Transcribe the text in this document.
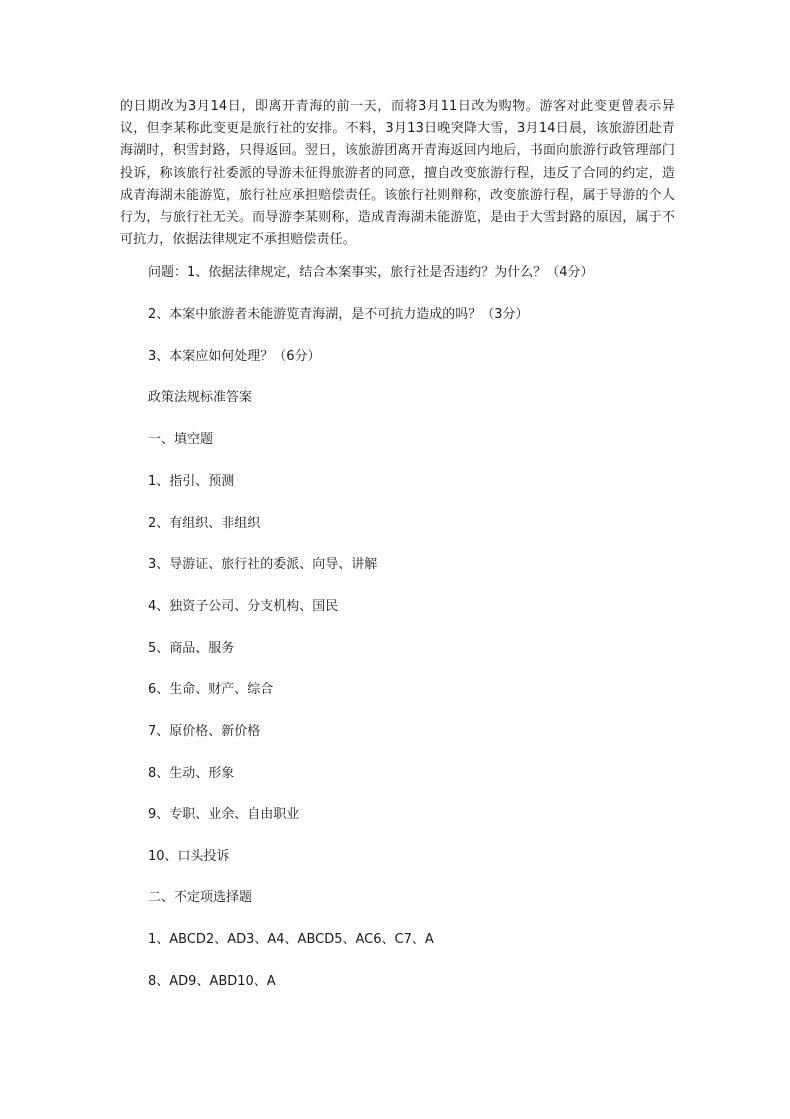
的日期改为3月14日，即离开青海的前一天，而将3月11日改为购物。游客对此变更曾表示异议，但李某称此变更是旅行社的安排。不料，3月13日晚突降大雪，3月14日晨，该旅游团赴青海湖时，积雪封路，只得返回。翌日，该旅游团离开青海返回内地后，书面向旅游行政管理部门投诉，称该旅行社委派的导游未征得旅游者的同意，擅自改变旅游行程，违反了合同的约定，造成青海湖未能游览，旅行社应承担赔偿责任。该旅行社则辩称，改变旅游行程，属于导游的个人行为，与旅行社无关。而导游李某则称，造成青海湖未能游览，是由于大雪封路的原因，属于不可抗力，依据法律规定不承担赔偿责任。

问题：1、依据法律规定，结合本案事实，旅行社是否违约？为什么？（4分）

2、本案中旅游者未能游览青海湖，是不可抗力造成的吗？（3分）

3、本案应如何处理？（6分）

政策法规标准答案

一、填空题

1、指引、预测

2、有组织、非组织

3、导游证、旅行社的委派、向导、讲解

4、独资子公司、分支机构、国民

5、商品、服务

6、生命、财产、综合

7、原价格、新价格

8、生动、形象

9、专职、业余、自由职业

10、口头投诉

二、不定项选择题

1、ABCD2、AD3、A4、ABCD5、AC6、C7、A

8、AD9、ABD10、A
